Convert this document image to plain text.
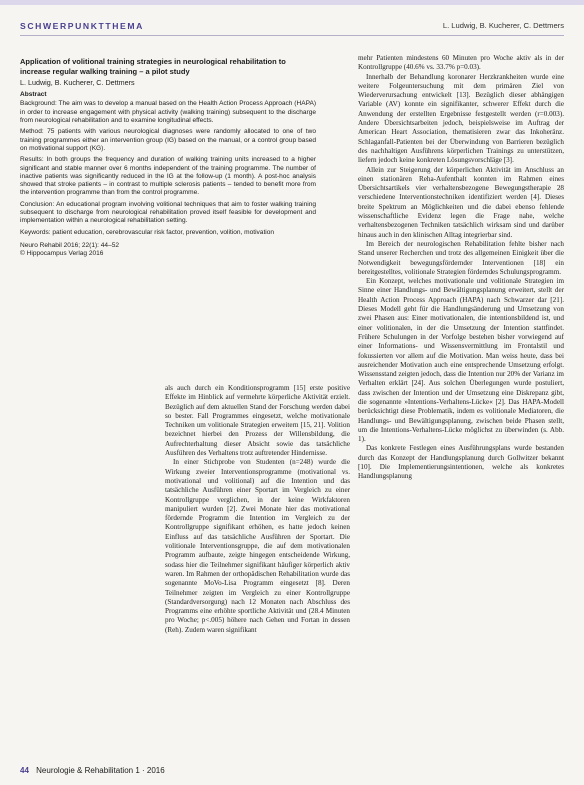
SCHWERPUNKTTHEMA	L. Ludwig, B. Kucherer, C. Dettmers

Application of volitional training strategies in neurological rehabilitation to increase regular walking training – a pilot study

L. Ludwig, B. Kucherer, C. Dettmers
Abstract

Background: The aim was to develop a manual based on the Health Action Process Approach (HAPA) in order to increase engagement with physical activity (walking training) subsequent to the discharge from neurological rehabilitation and to examine longitudinal effects.

Method: 75 patients with various neurological diagnoses were randomly allocated to one of two training programmes either an intervention group (IG) based on the manual, or a control group based on motivational support (KG).

Results: In both groups the frequency and duration of walking training units increased to a higher significant and stable manner over 6 months independent of the training programme. The number of inactive patients was significantly reduced in the IG at the follow-up (1 month). A post-hoc analysis showed that stroke patients – in contrast to multiple sclerosis patients – tended to benefit more from the intervention programme than from the control programme.

Conclusion: An educational program involving volitional techniques that aim to foster walking training subsequent to discharge from neurological rehabilitation proved itself feasible for development and implementation within a neurological rehabilitation setting.

Keywords: patient education, cerebrovascular risk factor, prevention, volition, motivation

Neuro Rehabil 2016; 22(1): 44–52
© Hippocampus Verlag 2016

als auch durch ein Konditionsprogramm [15] erste positive Effekte im Hinblick auf vermehrte körperliche Aktivität erzielt. Bezüglich auf dem aktuellen Stand der Forschung werden dabei so bester. Fall Programmes eingesetzt, welche motivationale Techniken um volitionale Strategien erweitern [15, 21]. Volition bezeichnet hierbei den Prozess der Willensbildung, die Aufrechterhaltung dieser Absicht sowie das tatsächliche Ausführen des Verhaltens trotz auftretender Hindernisse.

In einer Stichprobe von Studenten (n=248) wurde die Wirkung zweier Interventionsprogramme (motivational vs. motivational und volitional) auf die Intention und das tatsächliche Ausführen einer Sportart im Vergleich zu einer Kontrollgruppe verglichen, in der keine Wirkfaktoren manipuliert wurden [2]. Zwei Monate hier das motivational fördernde Programm die Intention im Vergleich zu der Kontrollgruppe signifikant erhöhen, es hatte jedoch keinen Einfluss auf das tatsächliche Ausführen der Sportart. Die volitionale Interventionsgruppe, die auf dem motivationalen Programm aufbaute, zeigte hingegen entscheidende Wirkung, sodass hier die Teilnehmer signifikant häufiger körperlich aktiv waren. Im Rahmen der orthopädischen Rehabilitation wurde das sogenannte MoVo-Lisa Programm eingesetzt [8]. Deren Teilnehmer zeigten im Vergleich zu einer Kontrollgruppe (Standardversorgung) nach 12 Monaten nach Abschluss des Programms eine erhöhte sportliche Aktivität und (28.4 Minuten pro Woche; p<.005) höhere nach Gehen und Fortan in dessen (Reh). Zudem waren signifikant

mehr Patienten mindestens 60 Minuten pro Woche aktiv als in der Kontrollgruppe (40.6% vs. 33.7% p=0.03).

Innerhalb der Behandlung koronarer Herzkrankheiten wurde eine weitere Folgeuntersuchung mit dem primären Ziel von Wiederverursachung entwickelt [13]. Bezüglich dieser abhängigen Variable (AV) konnte ein signifikanter, schwerer Effekt durch die Anwendung der erstellten Ergebnisse festgestellt werden (r=0.003). Andere Übersichtsarbeiten jedoch, beispielsweise im Auftrag der American Heart Association, thematisieren zwar das Inkoheränz. Schlaganfall-Patienten bei der Überwindung von Barrieren bezüglich des nachhaltigen Ausführens körperlichen Trainings zu unterstützen, liefern jedoch keine konkreten Lösungsvorschläge [3].

Allein zur Steigerung der körperlichen Aktivität im Anschluss an einen stationären Reha-Aufenthalt konnten im Rahmen eines Übersichtsartikels vier verhaltensbezogene Bewegungstherapie 28 verschiedene Interventionstechniken identifiziert werden [4]. Dieses breite Spektrum an Möglichkeiten und die dabei ebenso fehlende wissenschaftliche Evidenz legen die Frage nahe, welche verhaltensbezogenen Techniken tatsächlich wirksam sind und darüber hinaus auch in den klinischen Alltag integrierbar sind.

Im Bereich der neurologischen Rehabilitation fehlte bisher nach Stand unserer Recherchen und trotz des allgemeinen Einigkeit über die Notwendigkeit bewegungsfördernder Interventionen [18] ein bereitgestelltes, volitionale Strategien förderndes Schulungsprogramm.

Ein Konzept, welches motivationale und volitionale Strategien im Sinne einer Handlungs- und Bewältigungsplanung erweitert, stellt der Health Action Process Approach (HAPA) nach Schwarzer dar [21]. Dieses Modell geht für die Handlungsänderung und Umsetzung von zwei Phasen aus: Einer motivationalen, die intentionsbildend ist, und einer volitionalen, in der die Umsetzung der Intention stattfindet. Frühere Schulungen in der Vorfolge bestehen bisher vorwiegend auf einer Informations- und Wissensvermittlung im Frontalstil und fokussierten vor allem auf die Motivation. Man weiss heute, dass bei ausreichender Motivation auch eine entsprechende Umsetzung erfolgt. Wissensstand zeigten jedoch, dass die Intention nur 20% der Varianz im Verhalten erklärt [24]. Aus solchen Überlegungen wurde postuliert, dass zwischen der Intention und der Umsetzung eine Diskrepanz gibt, die sogenannte »Intentions-Verhaltens-Lücke« [2]. Das HAPA-Modell berücksichtigt diese Problematik, indem es volitionale Mediatoren, die Handlungs- und Bewältigungsplanung, zwischen beide Phasen stellt, um die Intentions-Verhaltens-Lücke möglichst zu überwinden (s. Abb. 1).

Das konkrete Festlegen eines Ausführungsplans wurde bestanden durch das Konzept der Handlungsplanung durch Gollwitzer bekannt [10]. Die Implementierungsintentionen, welche als konkretes Handlungsplanung

44 Neurologie & Rehabilitation 1 · 2016
